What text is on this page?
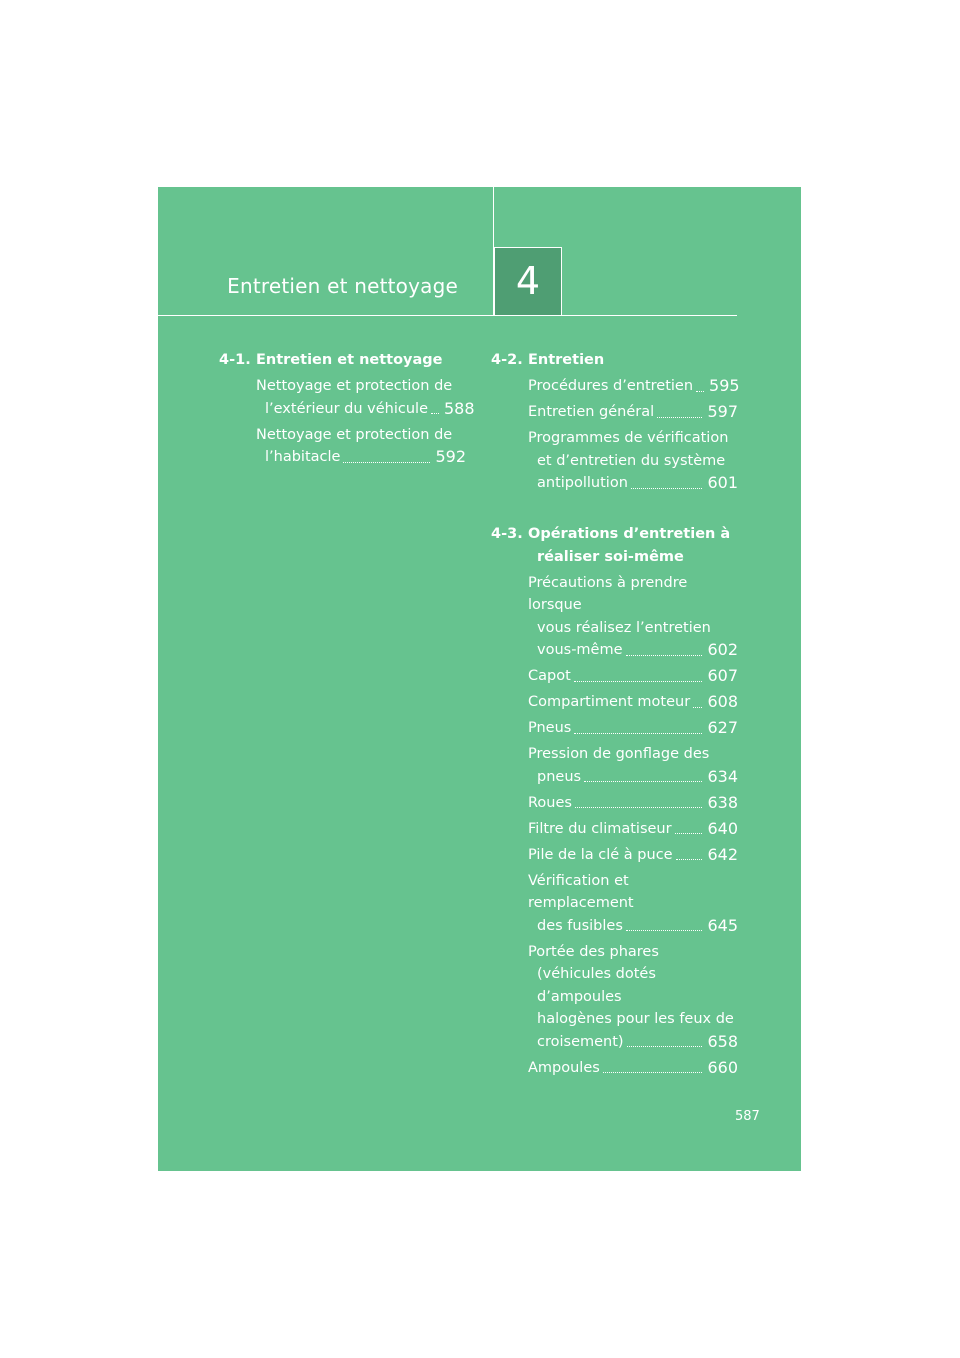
Entretien et nettoyage	4
4-1. Entretien et nettoyage
Nettoyage et protection de
l’extérieur du véhicule 588
Nettoyage et protection de
l’habitacle	592
4-2. Entretien
Procédures d’entretien 595
Entretien général	597
Programmes de vérification
et d’entretien du système
antipollution	601
4-3. Opérations d’entretien à
réaliser soi-même
Précautions à prendre lorsque
vous réalisez l’entretien
vous-même	602
Capot	607
Compartiment moteur 608
Pneus	627
Pression de gonflage des
pneus	634
Roues	638
Filtre du climatiseur 640
Pile de la clé à puce 642
Vérification et remplacement
des fusibles	645
Portée des phares
(véhicules dotés d’ampoules
halogènes pour les feux de
croisement)	658
Ampoules	660
587
